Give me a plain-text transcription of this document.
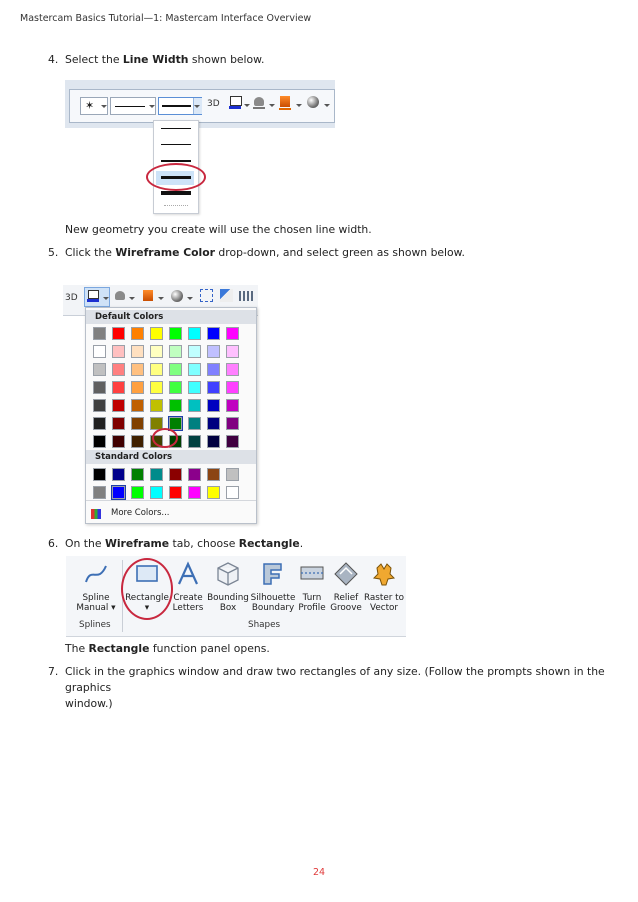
Mastercam Basics Tutorial—1: Mastercam Interface Overview
4. Select the Line Width shown below.
✶	3D
New geometry you create will use the chosen line width.
5. Click the Wireframe Color drop-down, and select green as shown below.
3D
Default Colors
Standard Colors
More Colors...
6. On the Wireframe tab, choose Rectangle.
Spline
Manual ▾
Splines
Rectangle
▾
Create
Letters
Bounding
Box
Silhouette
Boundary
Turn
Profile
Relief
Groove
Raster to
Vector
Shapes
The Rectangle function panel opens.
7. Click in the graphics window and draw two rectangles of any size. (Follow the prompts shown in the graphics
window.)
24
